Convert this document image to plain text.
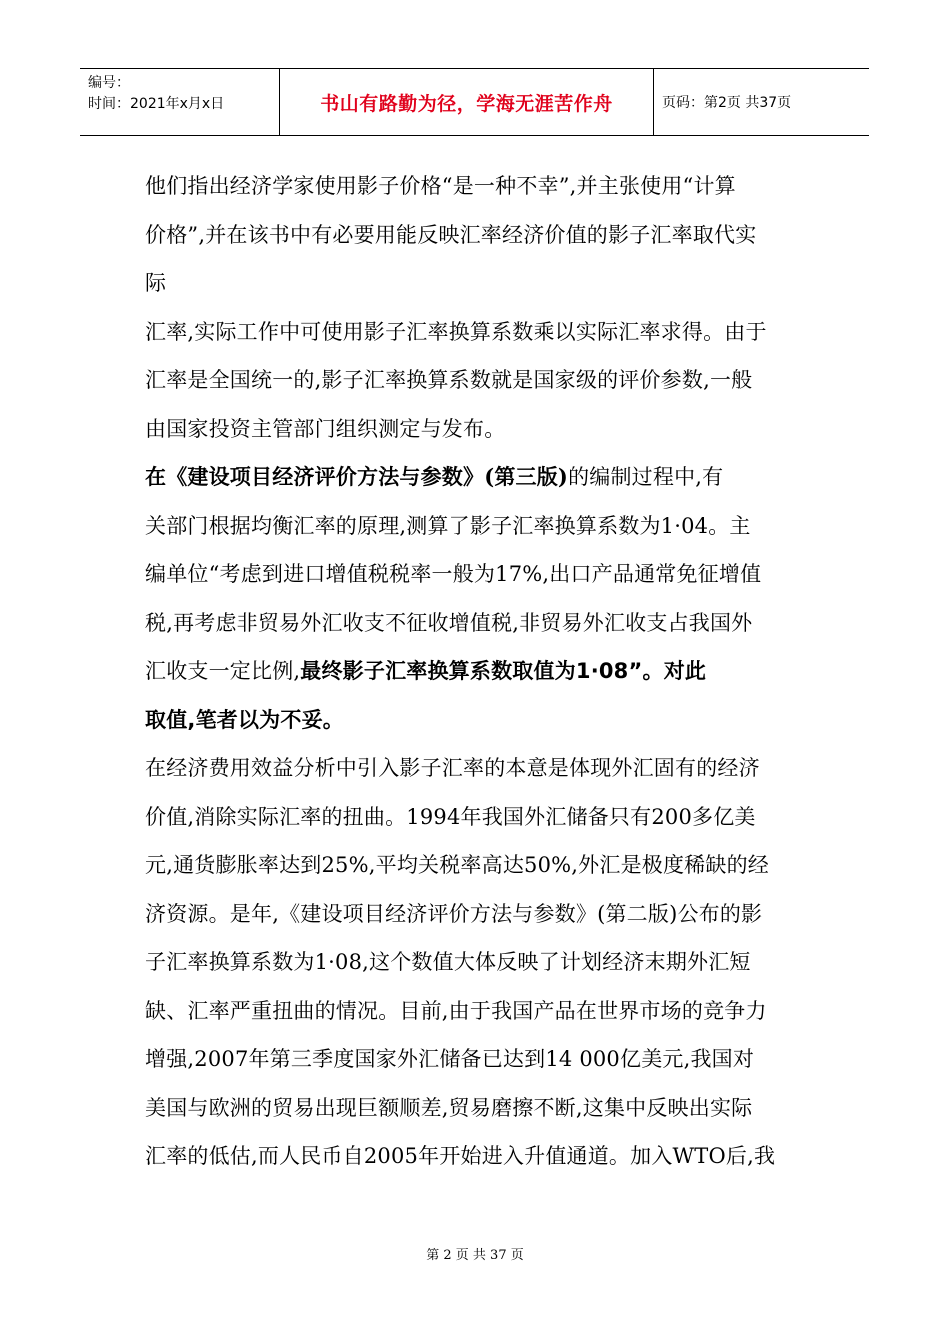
编号：
时间：2021年x月x日	书山有路勤为径，学海无涯苦作舟	页码：第2页 共37页
他们指出经济学家使用影子价格“是一种不幸”,并主张使用“计算
价格”,并在该书中有必要用能反映汇率经济价值的影子汇率取代实
际
汇率,实际工作中可使用影子汇率换算系数乘以实际汇率求得。由于
汇率是全国统一的,影子汇率换算系数就是国家级的评价参数,一般
由国家投资主管部门组织测定与发布。
在《建设项目经济评价方法与参数》(第三版)的编制过程中,有
关部门根据均衡汇率的原理,测算了影子汇率换算系数为1·04。主
编单位“考虑到进口增值税税率一般为17%,出口产品通常免征增值
税,再考虑非贸易外汇收支不征收增值税,非贸易外汇收支占我国外
汇收支一定比例,最终影子汇率换算系数取值为1·08”。对此
取值,笔者以为不妥。
在经济费用效益分析中引入影子汇率的本意是体现外汇固有的经济
价值,消除实际汇率的扭曲。1994年我国外汇储备只有200多亿美
元,通货膨胀率达到25%,平均关税率高达50%,外汇是极度稀缺的经
济资源。是年,《建设项目经济评价方法与参数》(第二版)公布的影
子汇率换算系数为1·08,这个数值大体反映了计划经济末期外汇短
缺、汇率严重扭曲的情况。目前,由于我国产品在世界市场的竞争力
增强,2007年第三季度国家外汇储备已达到14 000亿美元,我国对
美国与欧洲的贸易出现巨额顺差,贸易磨擦不断,这集中反映出实际
汇率的低估,而人民币自2005年开始进入升值通道。加入WTO后,我
第 2 页 共 37 页
